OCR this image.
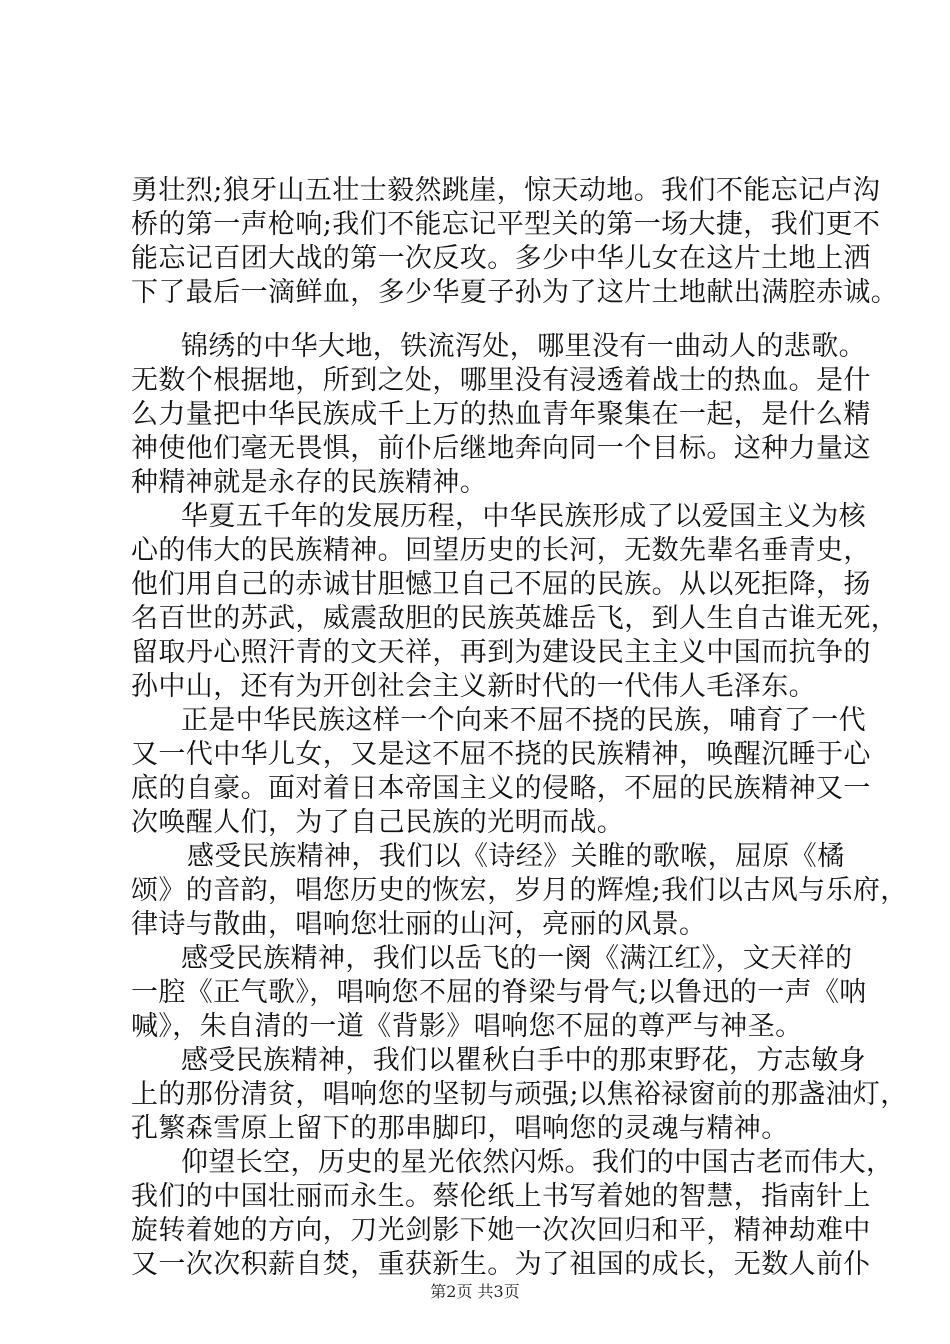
勇壮烈;狼牙山五壮士毅然跳崖，惊天动地。我们不能忘记卢沟
桥的第一声枪响;我们不能忘记平型关的第一场大捷，我们更不
能忘记百团大战的第一次反攻。多少中华儿女在这片土地上洒
下了最后一滴鲜血，多少华夏子孙为了这片土地献出满腔赤诚。
锦绣的中华大地，铁流泻处，哪里没有一曲动人的悲歌。
无数个根据地，所到之处，哪里没有浸透着战士的热血。是什
么力量把中华民族成千上万的热血青年聚集在一起，是什么精
神使他们毫无畏惧，前仆后继地奔向同一个目标。这种力量这
种精神就是永存的民族精神。
华夏五千年的发展历程，中华民族形成了以爱国主义为核
心的伟大的民族精神。回望历史的长河，无数先辈名垂青史，
他们用自己的赤诚甘胆憾卫自己不屈的民族。从以死拒降，扬
名百世的苏武，威震敌胆的民族英雄岳飞，到人生自古谁无死，
留取丹心照汗青的文天祥，再到为建设民主主义中国而抗争的
孙中山，还有为开创社会主义新时代的一代伟人毛泽东。
正是中华民族这样一个向来不屈不挠的民族，哺育了一代
又一代中华儿女，又是这不屈不挠的民族精神，唤醒沉睡于心
底的自豪。面对着日本帝国主义的侵略，不屈的民族精神又一
次唤醒人们，为了自己民族的光明而战。
感受民族精神，我们以《诗经》关睢的歌喉，屈原《橘
颂》的音韵，唱您历史的恢宏，岁月的辉煌;我们以古风与乐府，
律诗与散曲，唱响您壮丽的山河，亮丽的风景。
感受民族精神，我们以岳飞的一阕《满江红》，文天祥的
一腔《正气歌》，唱响您不屈的脊梁与骨气;以鲁迅的一声《呐
喊》，朱自清的一道《背影》唱响您不屈的尊严与神圣。
感受民族精神，我们以瞿秋白手中的那束野花，方志敏身
上的那份清贫，唱响您的坚韧与顽强;以焦裕禄窗前的那盏油灯，
孔繁森雪原上留下的那串脚印，唱响您的灵魂与精神。
仰望长空，历史的星光依然闪烁。我们的中国古老而伟大，
我们的中国壮丽而永生。蔡伦纸上书写着她的智慧，指南针上
旋转着她的方向，刀光剑影下她一次次回归和平，精神劫难中
又一次次积薪自焚，重获新生。为了祖国的成长，无数人前仆
第2页 共3页
